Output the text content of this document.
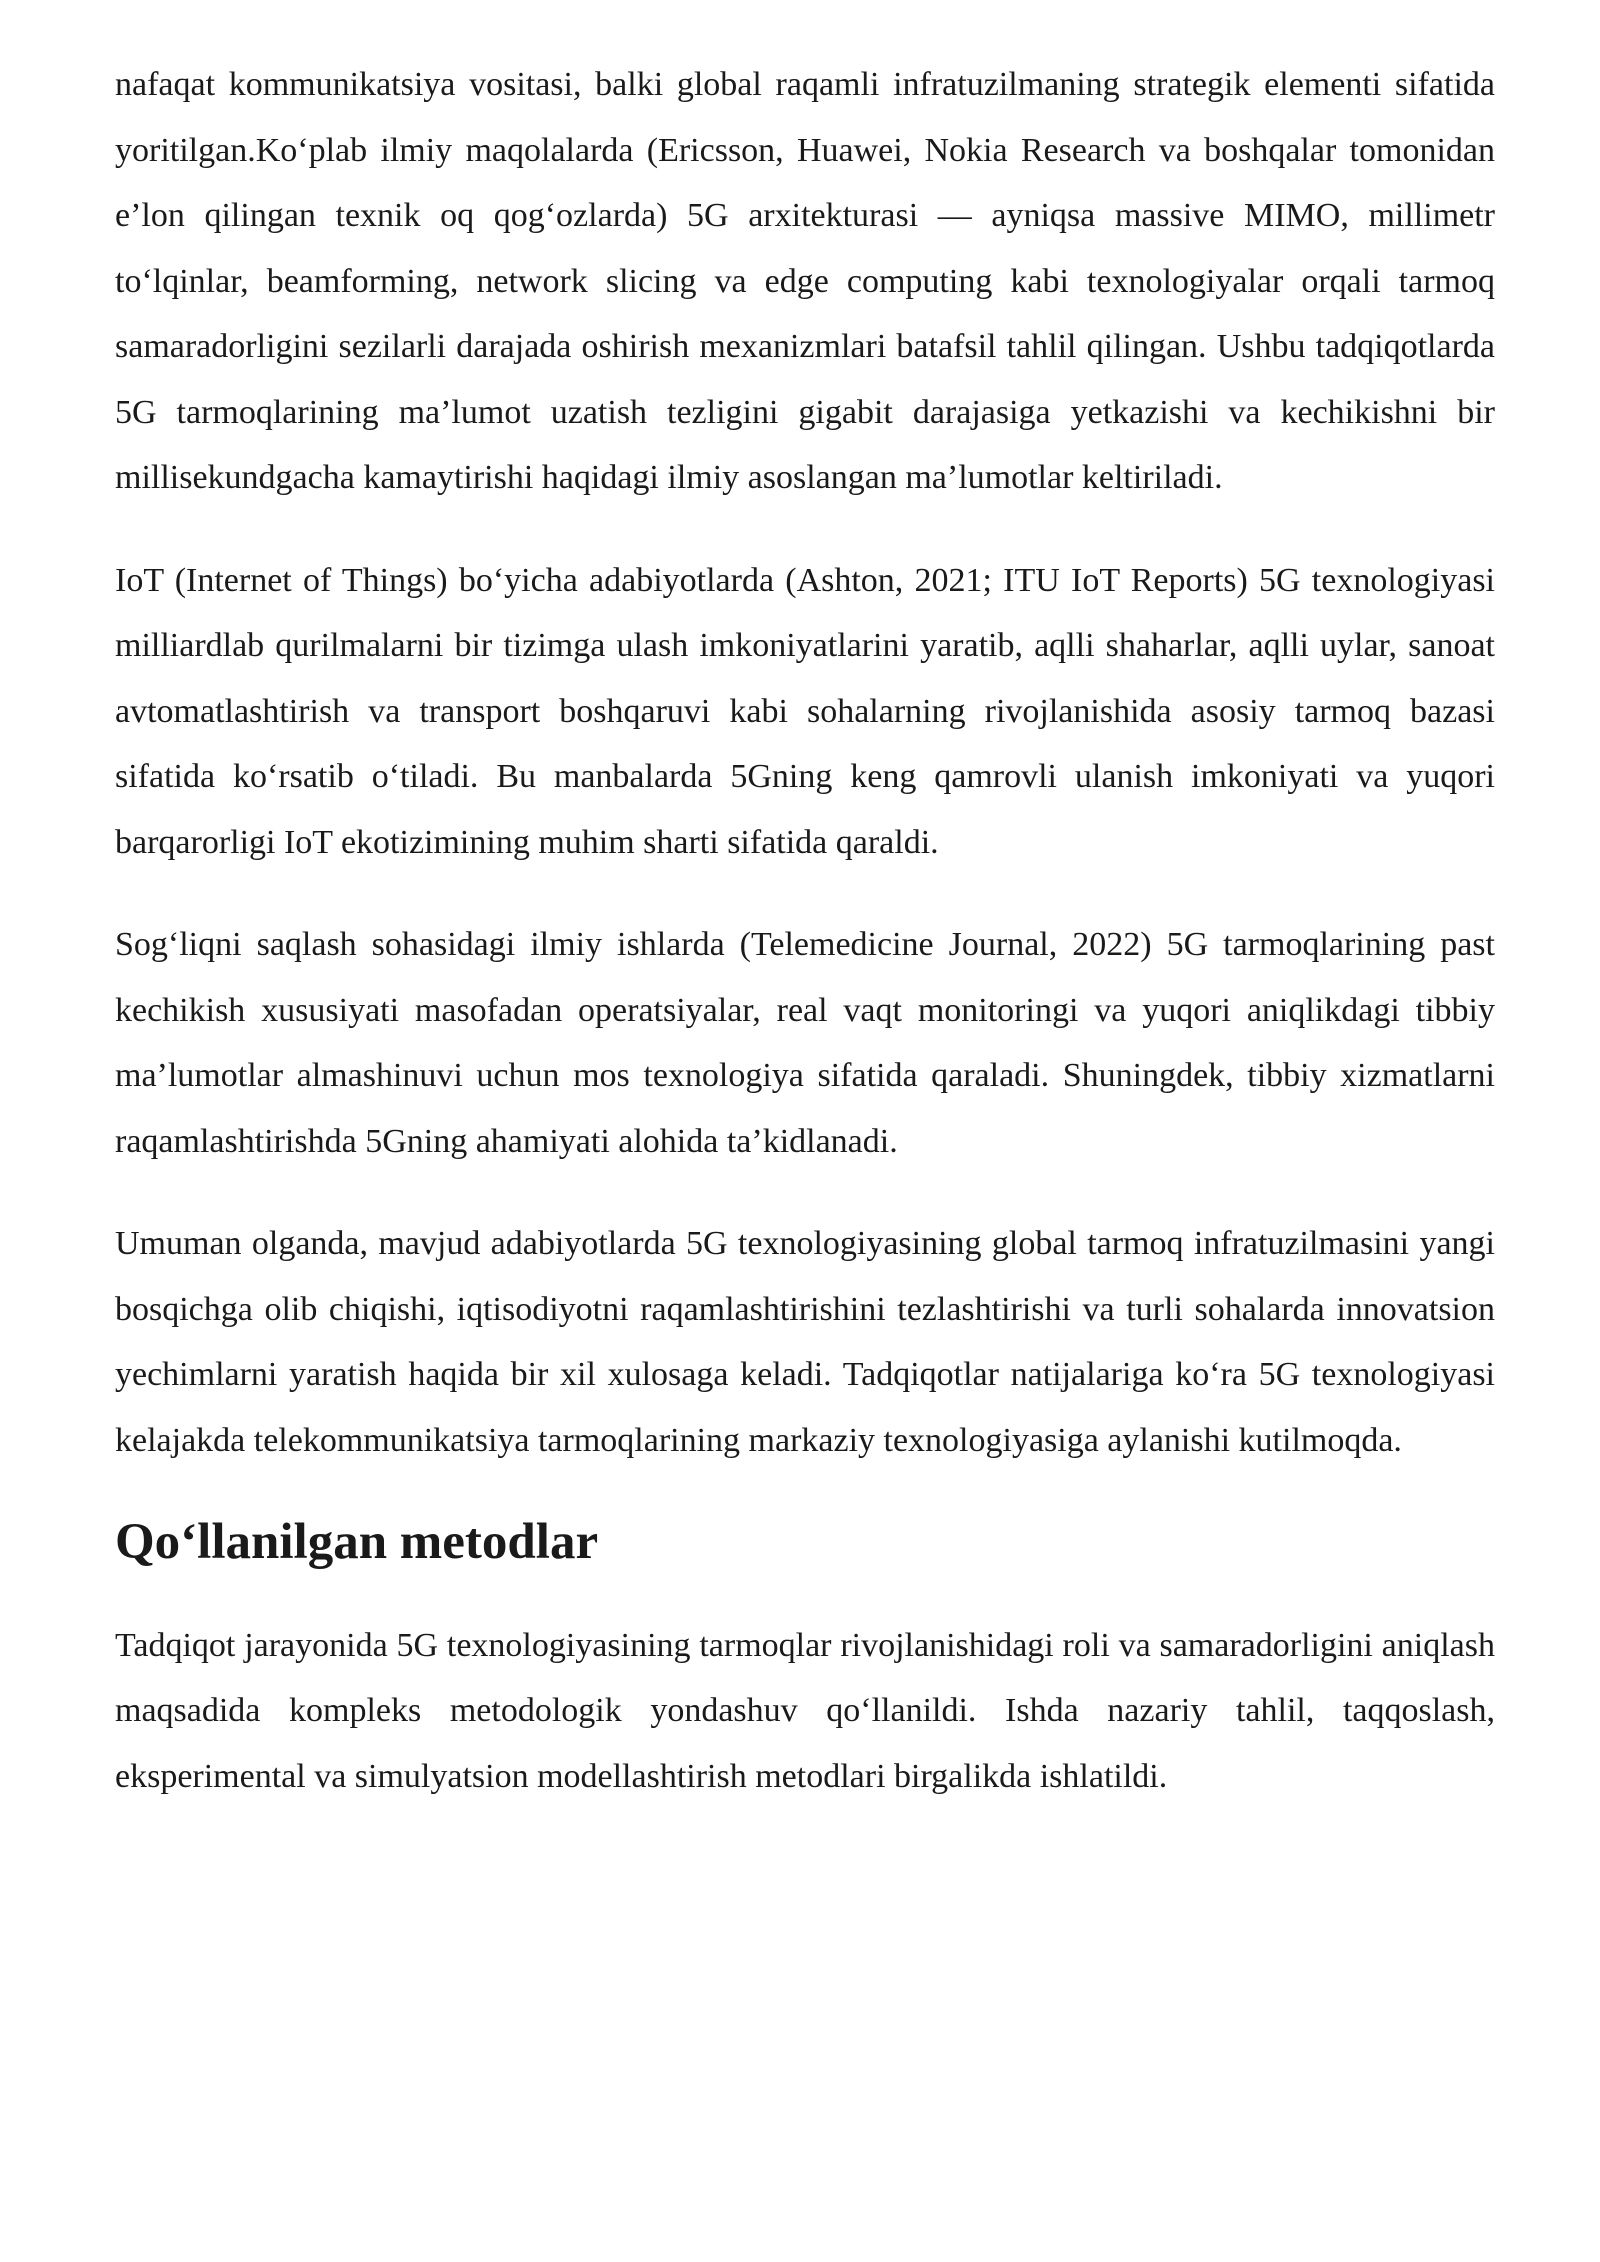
nafaqat kommunikatsiya vositasi, balki global raqamli infratuzilmaning strategik elementi sifatida yoritilgan.Koʻplab ilmiy maqolalarda (Ericsson, Huawei, Nokia Research va boshqalar tomonidan e’lon qilingan texnik oq qogʻozlarda) 5G arxitekturasi — ayniqsa massive MIMO, millimetr toʻlqinlar, beamforming, network slicing va edge computing kabi texnologiyalar orqali tarmoq samaradorligini sezilarli darajada oshirish mexanizmlari batafsil tahlil qilingan. Ushbu tadqiqotlarda 5G tarmoqlarining ma’lumot uzatish tezligini gigabit darajasiga yetkazishi va kechikishni bir millisekundgacha kamaytirishi haqidagi ilmiy asoslangan ma’lumotlar keltiriladi.

IoT (Internet of Things) boʻyicha adabiyotlarda (Ashton, 2021; ITU IoT Reports) 5G texnologiyasi milliardlab qurilmalarni bir tizimga ulash imkoniyatlarini yaratib, aqlli shaharlar, aqlli uylar, sanoat avtomatlashtirish va transport boshqaruvi kabi sohalarning rivojlanishida asosiy tarmoq bazasi sifatida koʻrsatib oʻtiladi. Bu manbalarda 5Gning keng qamrovli ulanish imkoniyati va yuqori barqarorligi IoT ekotizimining muhim sharti sifatida qaraldi.

Sogʻliqni saqlash sohasidagi ilmiy ishlarda (Telemedicine Journal, 2022) 5G tarmoqlarining past kechikish xususiyati masofadan operatsiyalar, real vaqt monitoringi va yuqori aniqlikdagi tibbiy ma’lumotlar almashinuvi uchun mos texnologiya sifatida qaraladi. Shuningdek, tibbiy xizmatlarni raqamlashtirishda 5Gning ahamiyati alohida ta’kidlanadi.

Umuman olganda, mavjud adabiyotlarda 5G texnologiyasining global tarmoq infratuzilmasini yangi bosqichga olib chiqishi, iqtisodiyotni raqamlashtirishini tezlashtirishi va turli sohalarda innovatsion yechimlarni yaratish haqida bir xil xulosaga keladi. Tadqiqotlar natijalariga koʻra 5G texnologiyasi kelajakda telekommunikatsiya tarmoqlarining markaziy texnologiyasiga aylanishi kutilmoqda.

Qoʻllanilgan metodlar

Tadqiqot jarayonida 5G texnologiyasining tarmoqlar rivojlanishidagi roli va samaradorligini aniqlash maqsadida kompleks metodologik yondashuv qoʻllanildi. Ishda nazariy tahlil, taqqoslash, eksperimental va simulyatsion modellashtirish metodlari birgalikda ishlatildi.
